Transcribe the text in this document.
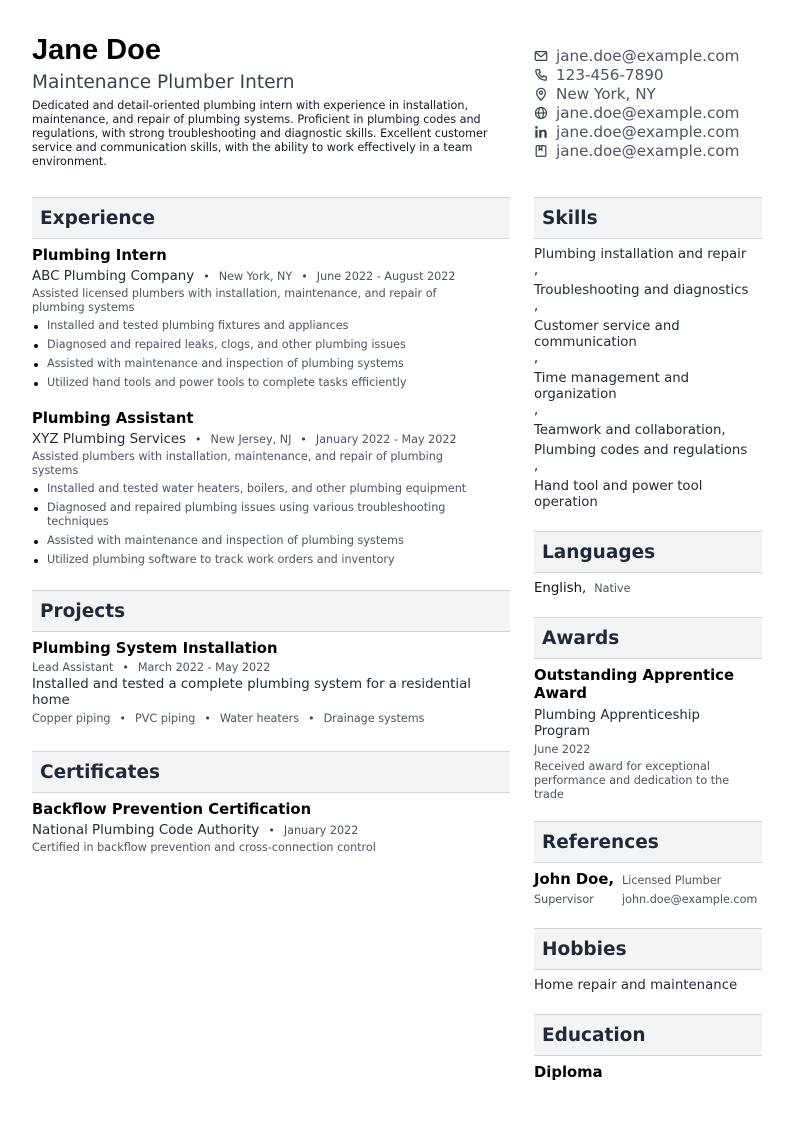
Jane Doe
Maintenance Plumber Intern
Dedicated and detail-oriented plumbing intern with experience in installation, maintenance, and repair of plumbing systems. Proficient in plumbing codes and regulations, with strong troubleshooting and diagnostic skills. Excellent customer service and communication skills, with the ability to work effectively in a team environment.
jane.doe@example.com
123-456-7890
New York, NY
jane.doe@example.com
jane.doe@example.com
jane.doe@example.com
Experience
Plumbing Intern
ABC Plumbing Company • New York, NY • June 2022 - August 2022
Assisted licensed plumbers with installation, maintenance, and repair of plumbing systems
Installed and tested plumbing fixtures and appliances
Diagnosed and repaired leaks, clogs, and other plumbing issues
Assisted with maintenance and inspection of plumbing systems
Utilized hand tools and power tools to complete tasks efficiently
Plumbing Assistant
XYZ Plumbing Services • New Jersey, NJ • January 2022 - May 2022
Assisted plumbers with installation, maintenance, and repair of plumbing systems
Installed and tested water heaters, boilers, and other plumbing equipment
Diagnosed and repaired plumbing issues using various troubleshooting techniques
Assisted with maintenance and inspection of plumbing systems
Utilized plumbing software to track work orders and inventory
Projects
Plumbing System Installation
Lead Assistant • March 2022 - May 2022
Installed and tested a complete plumbing system for a residential home
Copper piping • PVC piping • Water heaters • Drainage systems
Certificates
Backflow Prevention Certification
National Plumbing Code Authority • January 2022
Certified in backflow prevention and cross-connection control
Skills
Plumbing installation and repair
,
Troubleshooting and diagnostics
,
Customer service and communication
,
Time management and organization
,
Teamwork and collaboration,
Plumbing codes and regulations
,
Hand tool and power tool operation
Languages
English, Native
Awards
Outstanding Apprentice Award
Plumbing Apprenticeship Program
June 2022
Received award for exceptional performance and dedication to the trade
References
John Doe, Licensed Plumber
Supervisor	john.doe@example.com
Hobbies
Home repair and maintenance
Education
Diploma
